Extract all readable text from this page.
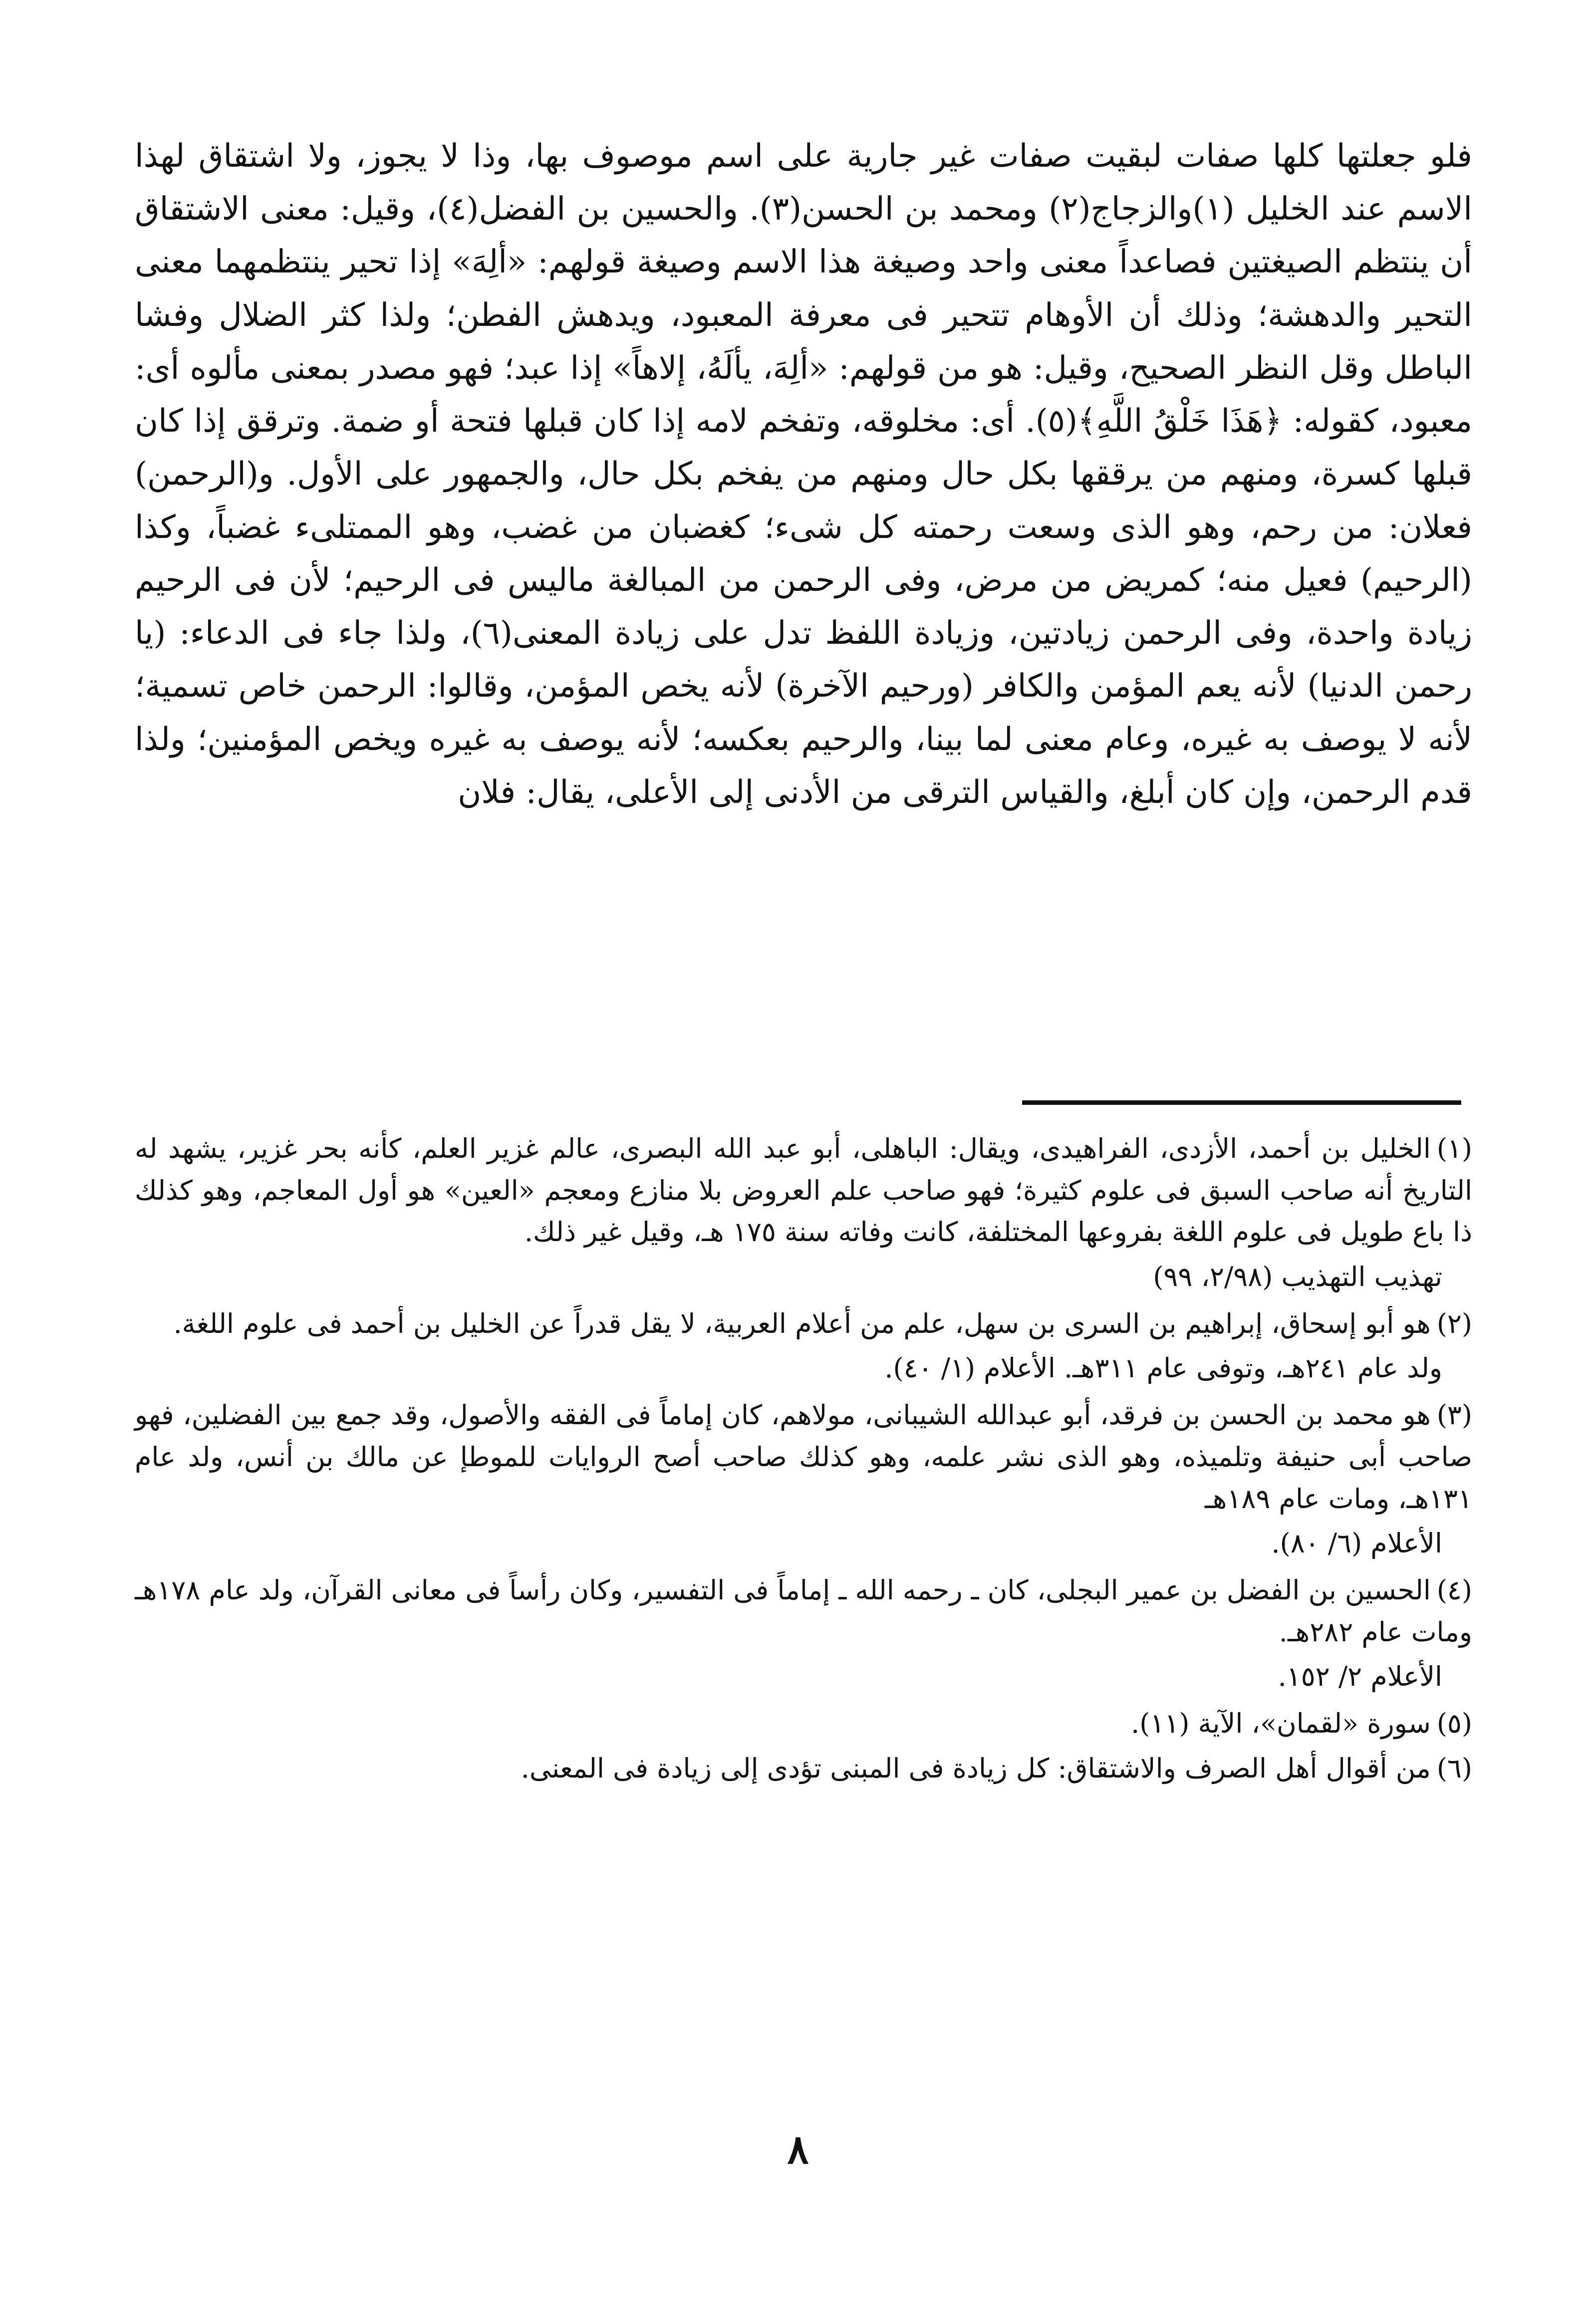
فلو جعلتها كلها صفات لبقيت صفات غير جارية على اسم موصوف بها، وذا لا يجوز، ولا اشتقاق لهذا الاسم عند الخليل (١)والزجاج(٢) ومحمد بن الحسن(٣). والحسين بن الفضل(٤)، وقيل: معنى الاشتقاق أن ينتظم الصيغتين فصاعداً معنى واحد وصيغة هذا الاسم وصيغة قولهم: «ألِهَ» إذا تحير ينتظمهما معنى التحير والدهشة؛ وذلك أن الأوهام تتحير فى معرفة المعبود، ويدهش الفطن؛ ولذا كثر الضلال وفشا الباطل وقل النظر الصحيح، وقيل: هو من قولهم: «ألِهَ، يألَهُ، إلاهاً» إذا عبد؛ فهو مصدر بمعنى مألوه أى: معبود، كقوله: ﴿هَذَا خَلْقُ اللَّهِ﴾(٥). أى: مخلوقه، وتفخم لامه إذا كان قبلها فتحة أو ضمة. وترقق إذا كان قبلها كسرة، ومنهم من يرققها بكل حال ومنهم من يفخم بكل حال، والجمهور على الأول. و(الرحمن) فعلان: من رحم، وهو الذى وسعت رحمته كل شىء؛ كغضبان من غضب، وهو الممتلىء غضباً، وكذا (الرحيم) فعيل منه؛ كمريض من مرض، وفى الرحمن من المبالغة ماليس فى الرحيم؛ لأن فى الرحيم زيادة واحدة، وفى الرحمن زيادتين، وزيادة اللفظ تدل على زيادة المعنى(٦)، ولذا جاء فى الدعاء: (يا رحمن الدنيا) لأنه يعم المؤمن والكافر (ورحيم الآخرة) لأنه يخص المؤمن، وقالوا: الرحمن خاص تسمية؛ لأنه لا يوصف به غيره، وعام معنى لما بينا، والرحيم بعكسه؛ لأنه يوصف به غيره ويخص المؤمنين؛ ولذا قدم الرحمن، وإن كان أبلغ، والقياس الترقى من الأدنى إلى الأعلى، يقال: فلان

(١)الخليل بن أحمد، الأزدى، الفراهيدى، ويقال: الباهلى، أبو عبد الله البصرى، عالم غزير العلم، كأنه بحر غزير، يشهد له التاريخ أنه صاحب السبق فى علوم كثيرة؛ فهو صاحب علم العروض بلا منازع ومعجم «العين» هو أول المعاجم، وهو كذلك ذا باع طويل فى علوم اللغة بفروعها المختلفة، كانت وفاته سنة ١٧٥ هـ، وقيل غير ذلك.

تهذيب التهذيب (٢/٩٨، ٩٩)

(٢)هو أبو إسحاق، إبراهيم بن السرى بن سهل، علم من أعلام العربية، لا يقل قدراً عن الخليل بن أحمد فى علوم اللغة.

ولد عام ٢٤١هـ، وتوفى عام ٣١١هـ. الأعلام (١/ ٤٠).

(٣)هو محمد بن الحسن بن فرقد، أبو عبدالله الشيبانى، مولاهم، كان إماماً فى الفقه والأصول، وقد جمع بين الفضلين، فهو صاحب أبى حنيفة وتلميذه، وهو الذى نشر علمه، وهو كذلك صاحب أصح الروايات للموطإ عن مالك بن أنس، ولد عام ١٣١هـ، ومات عام ١٨٩هـ

الأعلام (٦/ ٨٠).

(٤)الحسين بن الفضل بن عمير البجلى، كان ـ رحمه الله ـ إماماً فى التفسير، وكان رأساً فى معانى القرآن، ولد عام ١٧٨هـ ومات عام ٢٨٢هـ.

الأعلام ٢/ ١٥٢.

(٥)سورة «لقمان»، الآية (١١).

(٦)من أقوال أهل الصرف والاشتقاق: كل زيادة فى المبنى تؤدى إلى زيادة فى المعنى.

٨
